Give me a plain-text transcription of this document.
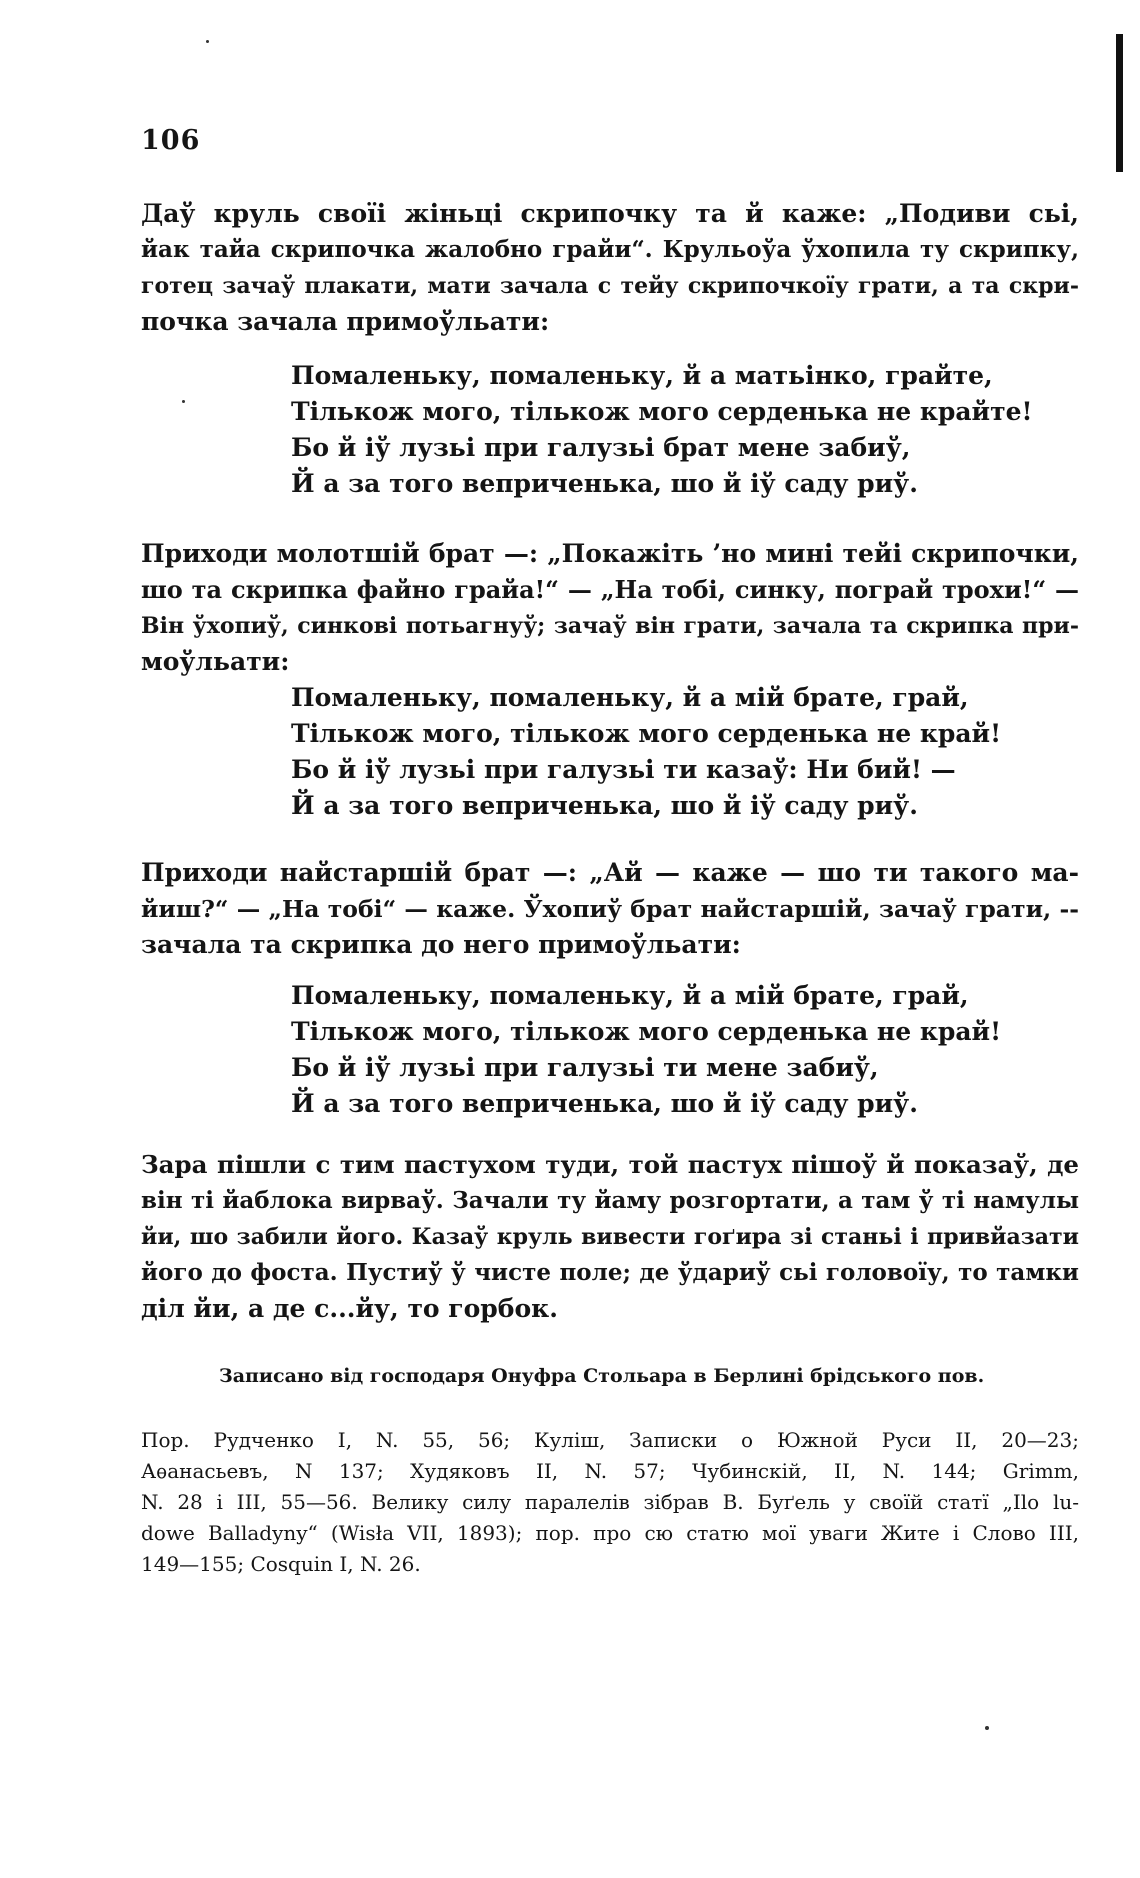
106
Даў круль своїі жіньці скрипочку та й каже: „Подиви сьі,
йак тайа скрипочка жалобно грайи“. Крульоўа ўхопила ту скрипку,
готец зачаў плакати, мати зачала с тейу скрипочкоїу грати, а та скри-
почка зачала примоўльати:
Помаленьку, помаленьку, й а матьінко, грайте,
Тількож мого, тількож мого серденька не крайте!
Бо й іў лузьі при галузьі брат мене забиў,
Й а за того веприченька, шо й іў саду риў.
Приходи молотшій брат —: „Покажіть ’но мині тейі скрипочки,
шо та скрипка файно грайа!“ — „На тобі, синку, пограй трохи!“ —
Він ўхопиў, синкові потьагнуў; зачаў він грати, зачала та скрипка при-
моўльати:
Помаленьку, помаленьку, й а мій брате, грай,
Тількож мого, тількож мого серденька не край!
Бо й іў лузьі при галузьі ти казаў: Ни бий! —
Й а за того веприченька, шо й іў саду риў.
Приходи найстаршій брат —: „Ай — каже — шо ти такого ма-
йиш?“ — „На тобі“ — каже. Ўхопиў брат найстаршій, зачаў грати, --
зачала та скрипка до него примоўльати:
Помаленьку, помаленьку, й а мій брате, грай,
Тількож мого, тількож мого серденька не край!
Бо й іў лузьі при галузьі ти мене забиў,
Й а за того веприченька, шо й іў саду риў.
Зара пішли с тим пастухом туди, той пастух пішоў й показаў, де
він ті йаблока вирваў. Зачали ту йаму розгортати, а там ў ті намулы
йи, шо забили його. Казаў круль вивести гоґира зі станьі і привйазати
його до фоста. Пустиў ў чисте поле; де ўдариў сьі головоїу, то тамки
діл йи, а де с...йу, то горбок.
Записано від господаря Онуфра Стольара в Берлині брідського пов.
Пор. Рудченко I, N. 55, 56; Куліш, Записки о Южной Руси II, 20—23;
Аѳанасьевъ, N 137; Худяковъ II, N. 57; Чубинскій, II, N. 144; Grimm,
N. 28 і III, 55—56. Велику силу паралелів зібрав В. Буґель у своїй статї „Ilo lu-
dowe Balladyny“ (Wisła VII, 1893); пор. про сю статю мої уваги Жите і Слово III,
149—155; Cosquin I, N. 26.
